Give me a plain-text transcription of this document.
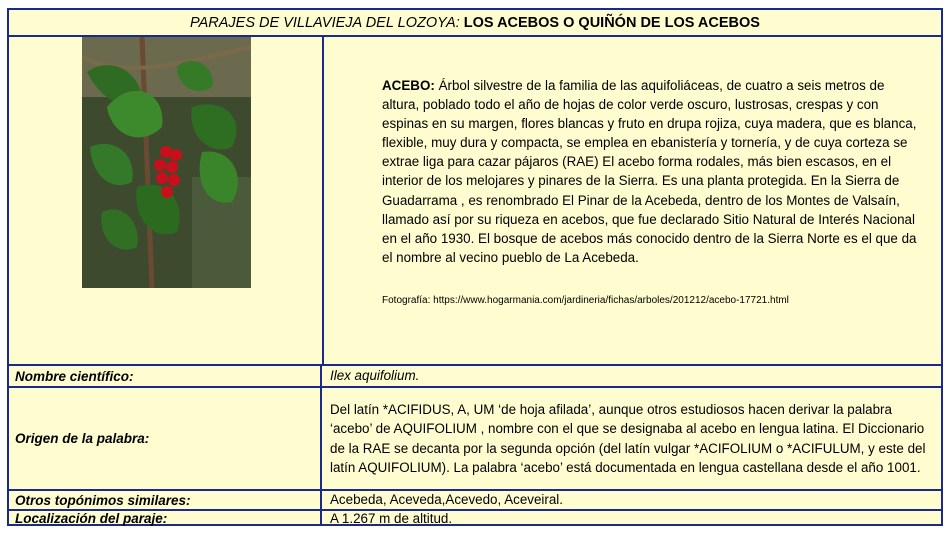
PARAJES DE VILLAVIEJA DEL LOZOYA:
LOS ACEBOS O QUIÑÓN DE LOS ACEBOS
ACEBO: Árbol silvestre de la familia de las aquifoliáceas, de cuatro a seis metros de altura, poblado todo el año de hojas de color verde oscuro, lustrosas, crespas y con espinas en su margen, flores blancas y fruto en drupa rojiza, cuya madera, que es blanca, flexible, muy dura y compacta, se emplea en ebanistería y tornería, y de cuya corteza se extrae liga para cazar pájaros (RAE) El acebo forma rodales, más bien escasos, en el interior de los melojares y pinares de la Sierra. Es una planta protegida. En la Sierra de Guadarrama , es renombrado El Pinar de la Acebeda, dentro de los Montes de Valsaín, llamado así por su riqueza en acebos, que fue declarado Sitio Natural de Interés Nacional en el año 1930. El bosque de acebos más conocido dentro de la Sierra Norte es el que da el nombre al vecino pueblo de La Acebeda.
Fotografía: https://www.hogarmania.com/jardineria/fichas/arboles/201212/acebo-17721.html
Nombre científico:	Ilex aquifolium.
Origen de la palabra:
Del latín *ACIFIDUS, A, UM ‘de hoja afilada’, aunque otros estudiosos hacen derivar la palabra ‘acebo’ de AQUIFOLIUM , nombre con el que se designaba al acebo en lengua latina. El Diccionario de la RAE se decanta por la segunda opción (del latín vulgar *ACIFOLIUM o *ACIFULUM, y este del latín AQUIFOLIUM). La palabra ‘acebo’ está documentada en lengua castellana desde el año 1001.
Otros topónimos similares:	Acebeda, Aceveda,Acevedo, Aceveiral.
Localización del paraje:	A 1.267 m de altitud.
